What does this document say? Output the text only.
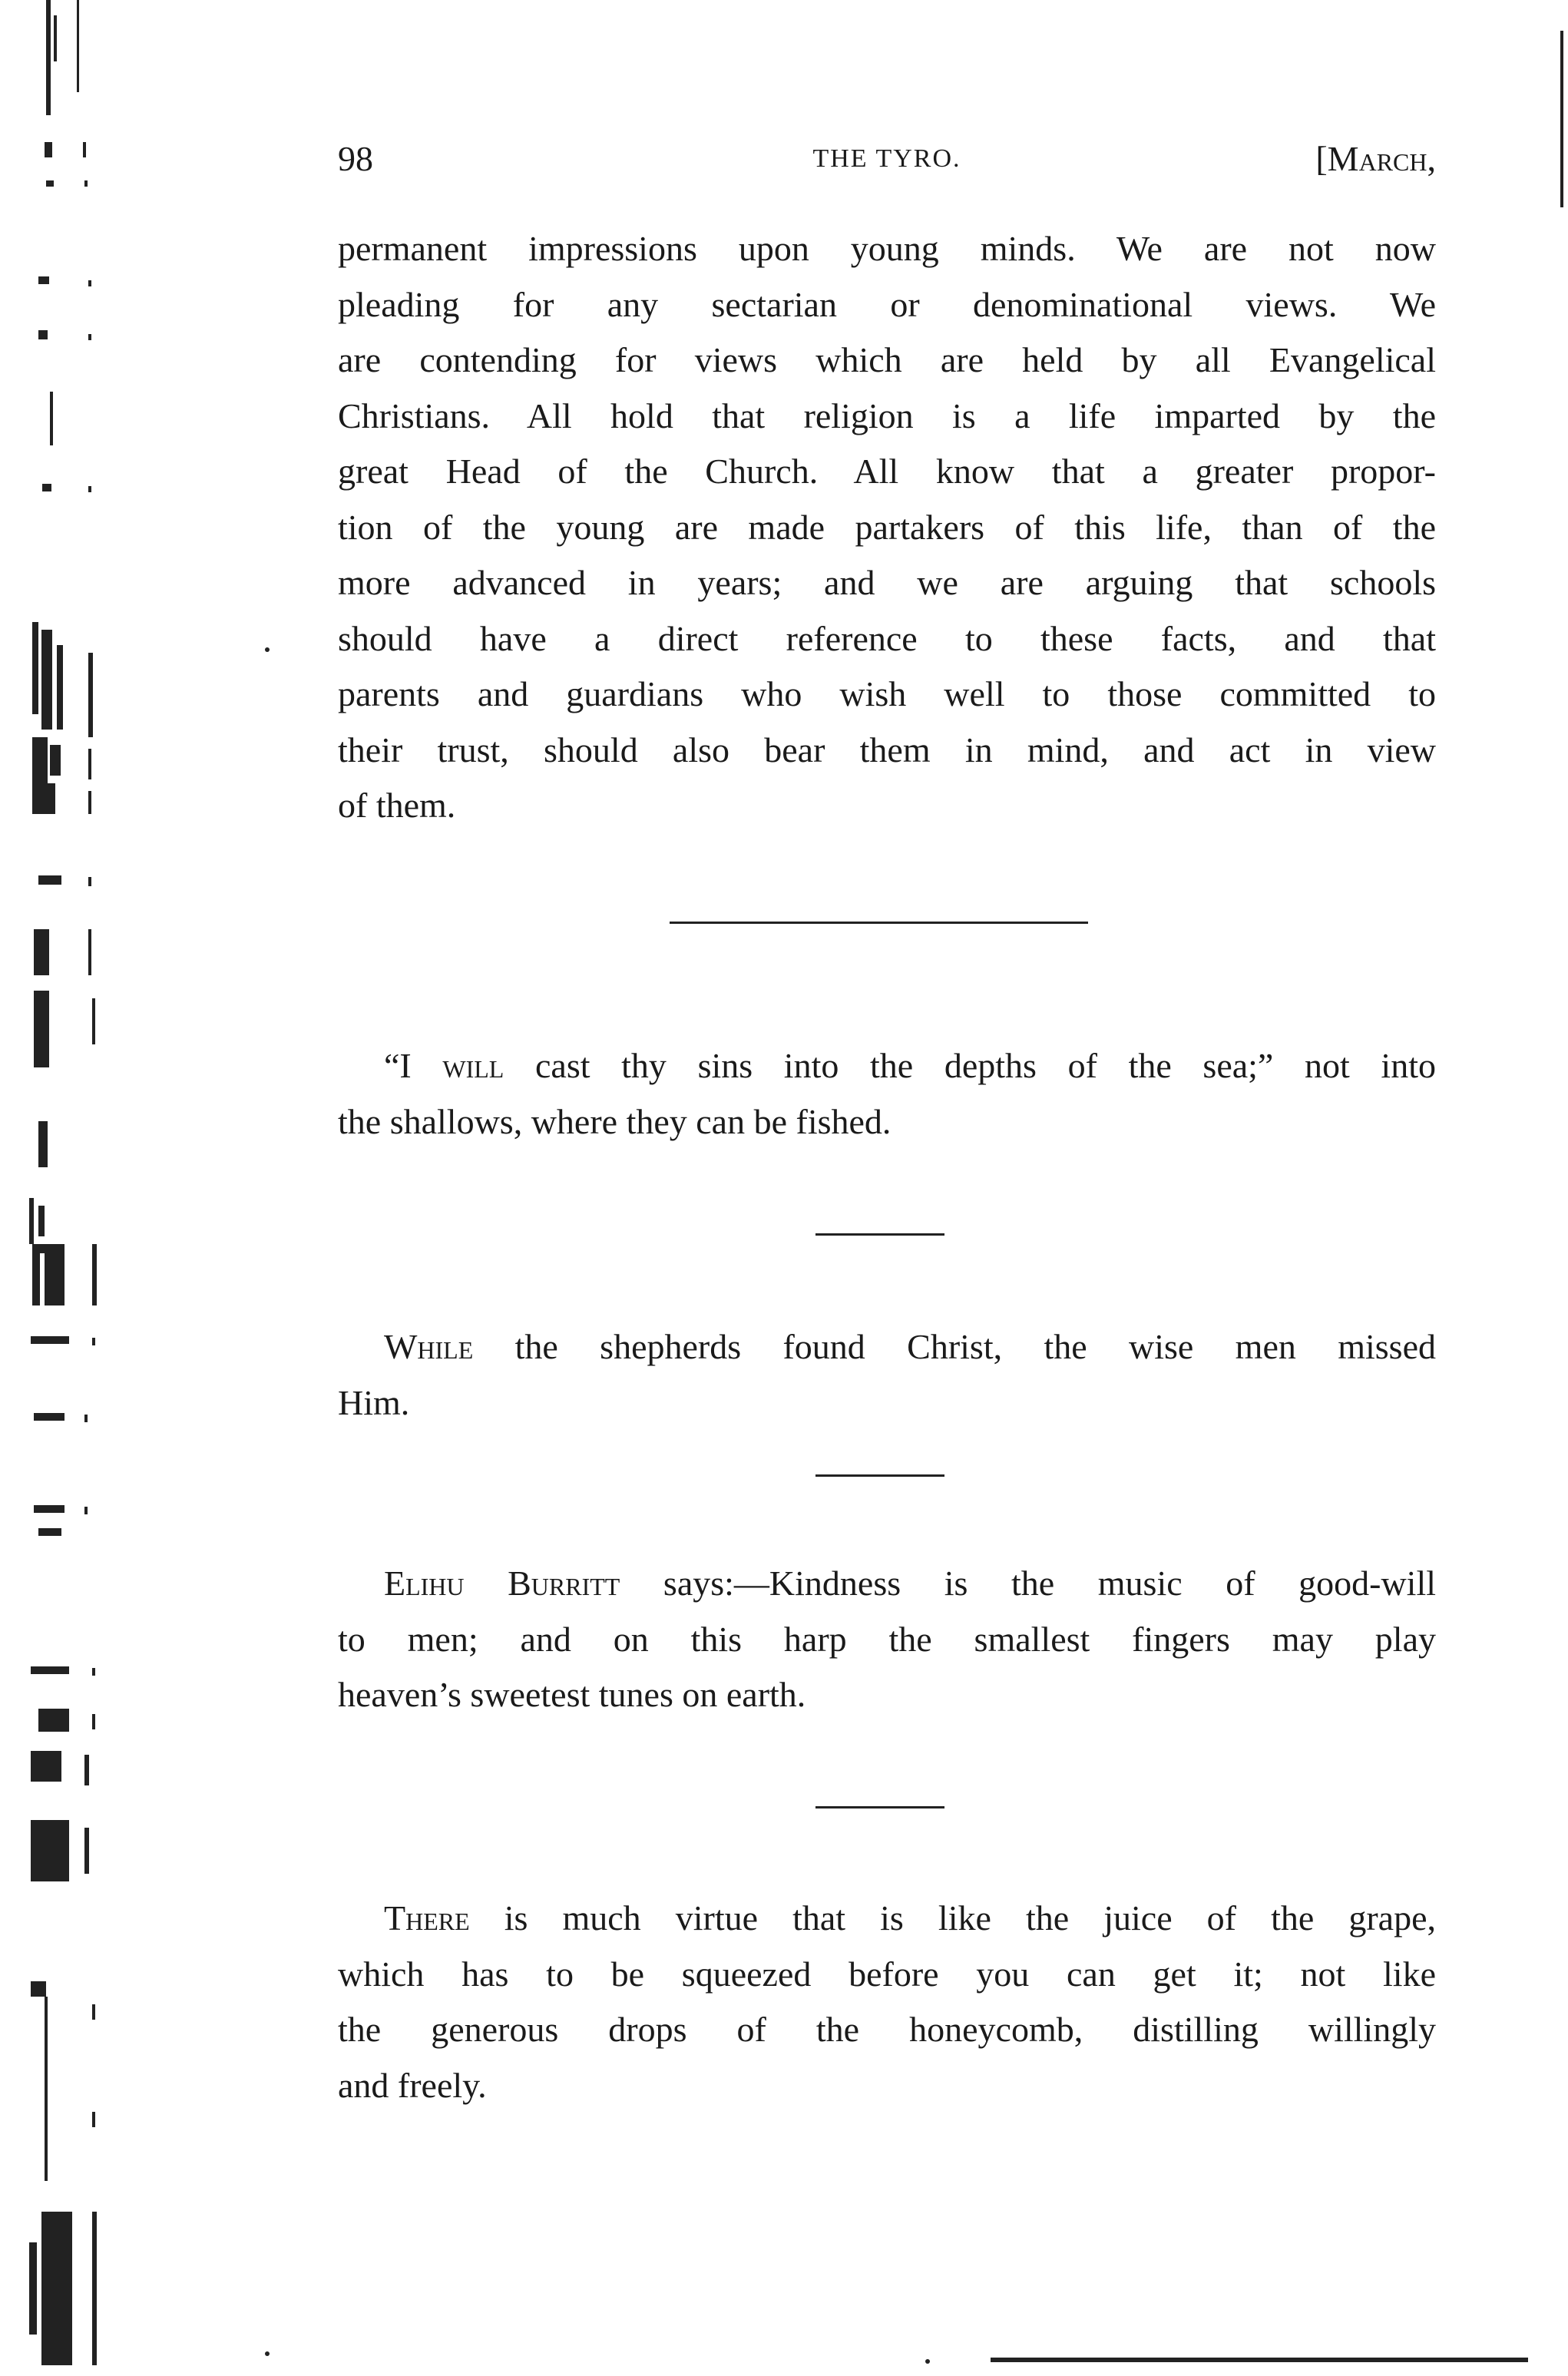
98	THE TYRO.	[March,
permanent impressions upon young minds. We are not now
pleading for any sectarian or denominational views. We
are contending for views which are held by all Evangelical
Christians. All hold that religion is a life imparted by the
great Head of the Church. All know that a greater propor-
tion of the young are made partakers of this life, than of the
more advanced in years; and we are arguing that schools
should have a direct reference to these facts, and that
parents and guardians who wish well to those committed to
their trust, should also bear them in mind, and act in view
of them.
“I will cast thy sins into the depths of the sea;” not into
the shallows, where they can be fished.
While the shepherds found Christ, the wise men missed
Him.
Elihu Burritt says:—Kindness is the music of good-will
to men; and on this harp the smallest fingers may play
heaven’s sweetest tunes on earth.
There is much virtue that is like the juice of the grape,
which has to be squeezed before you can get it; not like
the generous drops of the honeycomb, distilling willingly
and freely.
